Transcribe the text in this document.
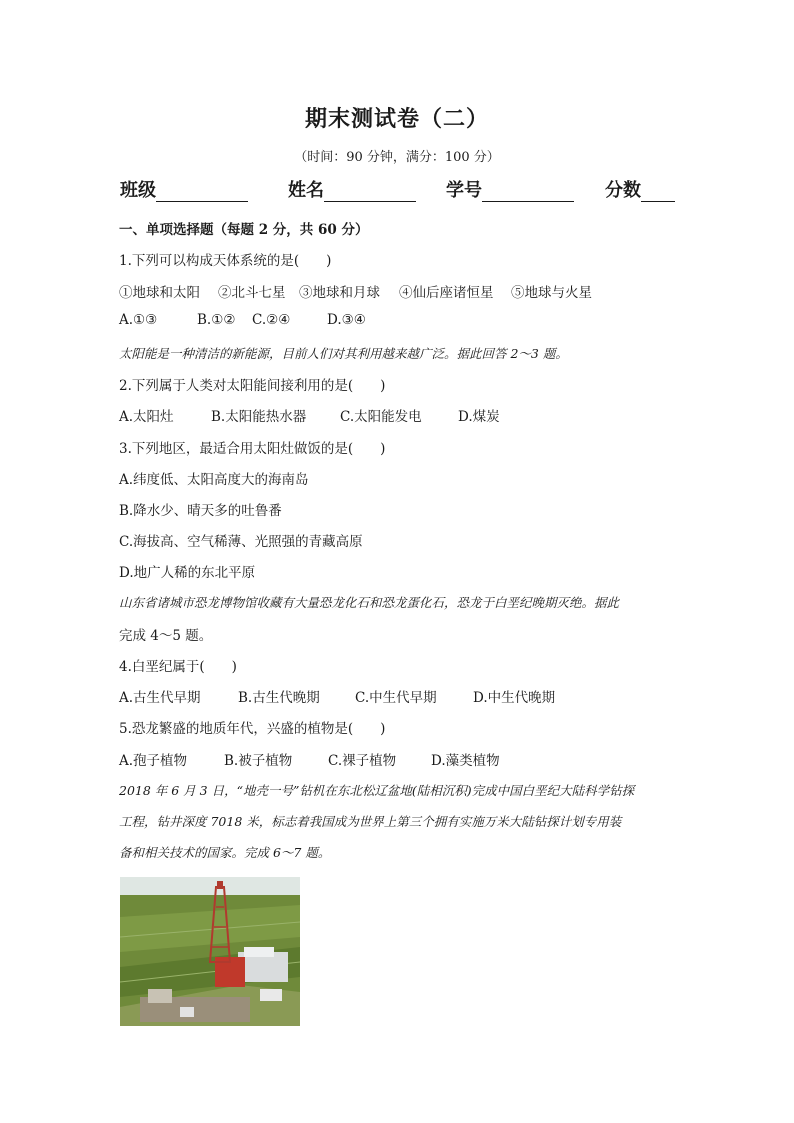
期末测试卷（二）
（时间：90 分钟，满分：100 分）
班级	姓名	学号	分数
一、单项选择题（每题 2 分，共 60 分）
1.下列可以构成天体系统的是(　　)
①地球和太阳 ②北斗七星 ③地球和月球 ④仙后座诸恒星 ⑤地球与火星
A.①③	B.①② C.②④	D.③④
太阳能是一种清洁的新能源，目前人们对其利用越来越广泛。据此回答 2～3 题。
2.下列属于人类对太阳能间接利用的是(　　)
A.太阳灶	B.太阳能热水器	C.太阳能发电	D.煤炭
3.下列地区，最适合用太阳灶做饭的是(　　)
A.纬度低、太阳高度大的海南岛
B.降水少、晴天多的吐鲁番
C.海拔高、空气稀薄、光照强的青藏高原
D.地广人稀的东北平原
山东省诸城市恐龙博物馆收藏有大量恐龙化石和恐龙蛋化石，恐龙于白垩纪晚期灭绝。据此
完成 4～5 题。
4.白垩纪属于(　　)
A.古生代早期	B.古生代晚期	C.中生代早期	D.中生代晚期
5.恐龙繁盛的地质年代，兴盛的植物是(　　)
A.孢子植物	B.被子植物	C.裸子植物	D.藻类植物
2018 年 6 月 3 日，“地壳一号”钻机在东北松辽盆地(陆相沉积)完成中国白垩纪大陆科学钻探
工程，钻井深度 7018 米，标志着我国成为世界上第三个拥有实施万米大陆钻探计划专用装
备和相关技术的国家。完成 6～7 题。
